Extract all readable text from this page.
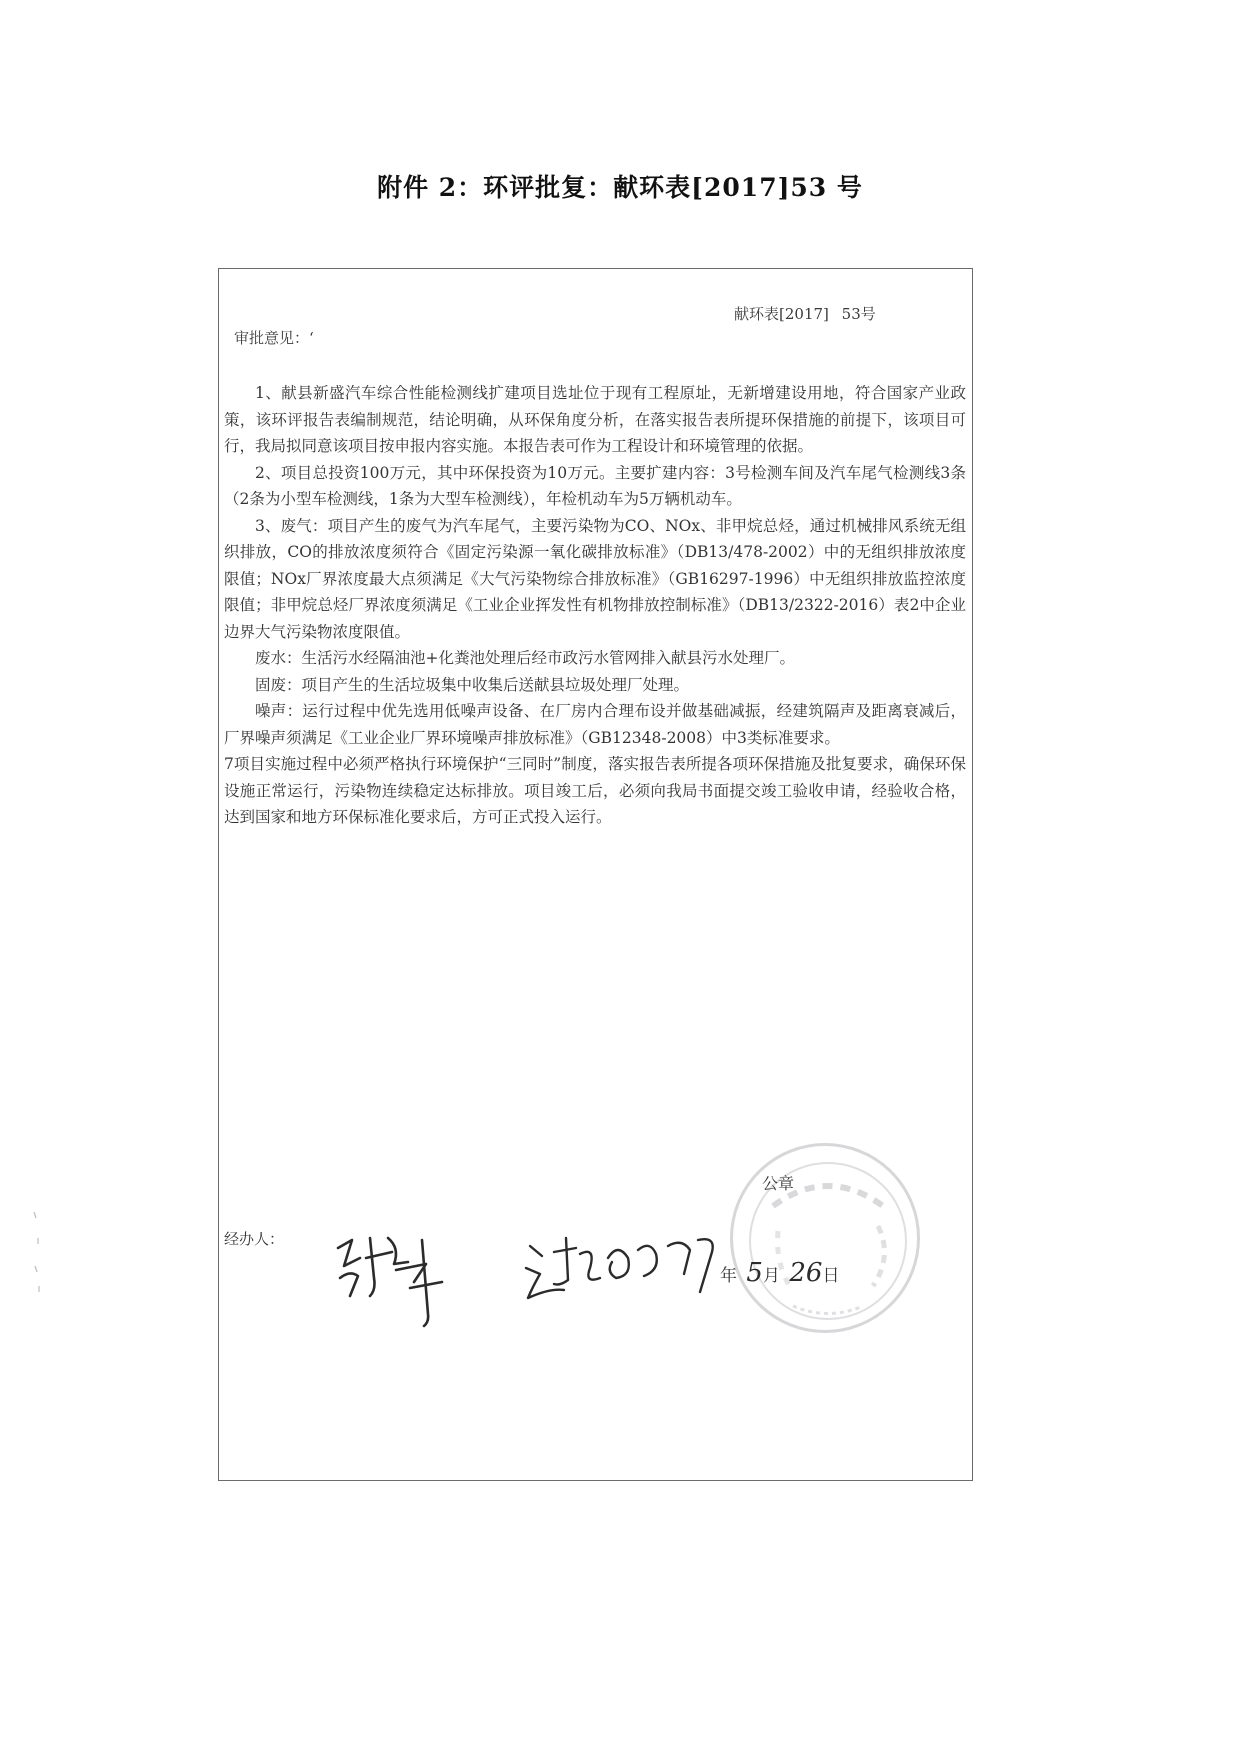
附件 2：环评批复：献环表[2017]53 号
献环表[2017] 53号
审批意见：‘

1、献县新盛汽车综合性能检测线扩建项目选址位于现有工程原址，无新增建设用地，符合国家产业政策，该环评报告表编制规范，结论明确，从环保角度分析，在落实报告表所提环保措施的前提下，该项目可行，我局拟同意该项目按申报内容实施。本报告表可作为工程设计和环境管理的依据。

2、项目总投资100万元，其中环保投资为10万元。主要扩建内容：3号检测车间及汽车尾气检测线3条（2条为小型车检测线，1条为大型车检测线），年检机动车为5万辆机动车。

3、废气：项目产生的废气为汽车尾气，主要污染物为CO、NOx、非甲烷总烃，通过机械排风系统无组织排放，CO的排放浓度须符合《固定污染源一氧化碳排放标准》（DB13/478-2002）中的无组织排放浓度限值；NOx厂界浓度最大点须满足《大气污染物综合排放标准》（GB16297-1996）中无组织排放监控浓度限值；非甲烷总烃厂界浓度须满足《工业企业挥发性有机物排放控制标准》（DB13/2322-2016）表2中企业边界大气污染物浓度限值。

废水：生活污水经隔油池+化粪池处理后经市政污水管网排入献县污水处理厂。

固废：项目产生的生活垃圾集中收集后送献县垃圾处理厂处理。

噪声：运行过程中优先选用低噪声设备、在厂房内合理布设并做基础减振，经建筑隔声及距离衰减后，厂界噪声须满足《工业企业厂界环境噪声排放标准》（GB12348-2008）中3类标准要求。

7项目实施过程中必须严格执行环境保护“三同时”制度，落实报告表所提各项环保措施及批复要求，确保环保设施正常运行，污染物连续稳定达标排放。项目竣工后，必须向我局书面提交竣工验收申请，经验收合格，达到国家和地方环保标准化要求后，方可正式投入运行。

公章
经办人：
年 5月 26日
